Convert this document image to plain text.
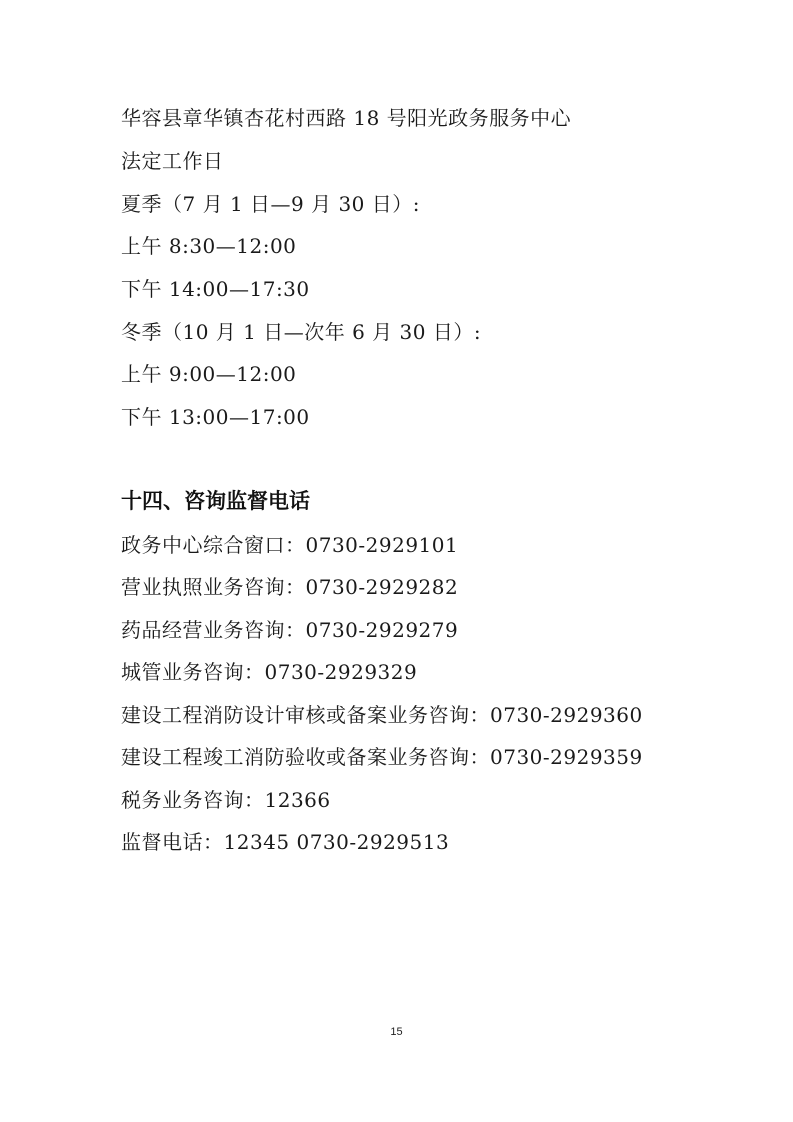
华容县章华镇杏花村西路 18 号阳光政务服务中心
法定工作日
夏季（7 月 1 日—9 月 30 日）:
上午 8:30—12:00
下午 14:00—17:30
冬季（10 月 1 日—次年 6 月 30 日）:
上午 9:00—12:00
下午 13:00—17:00
十四、咨询监督电话
政务中心综合窗口：0730-2929101
营业执照业务咨询：0730-2929282
药品经营业务咨询：0730-2929279
城管业务咨询：0730-2929329
建设工程消防设计审核或备案业务咨询：0730-2929360
建设工程竣工消防验收或备案业务咨询：0730-2929359
税务业务咨询：12366
监督电话：12345 0730-2929513
15
